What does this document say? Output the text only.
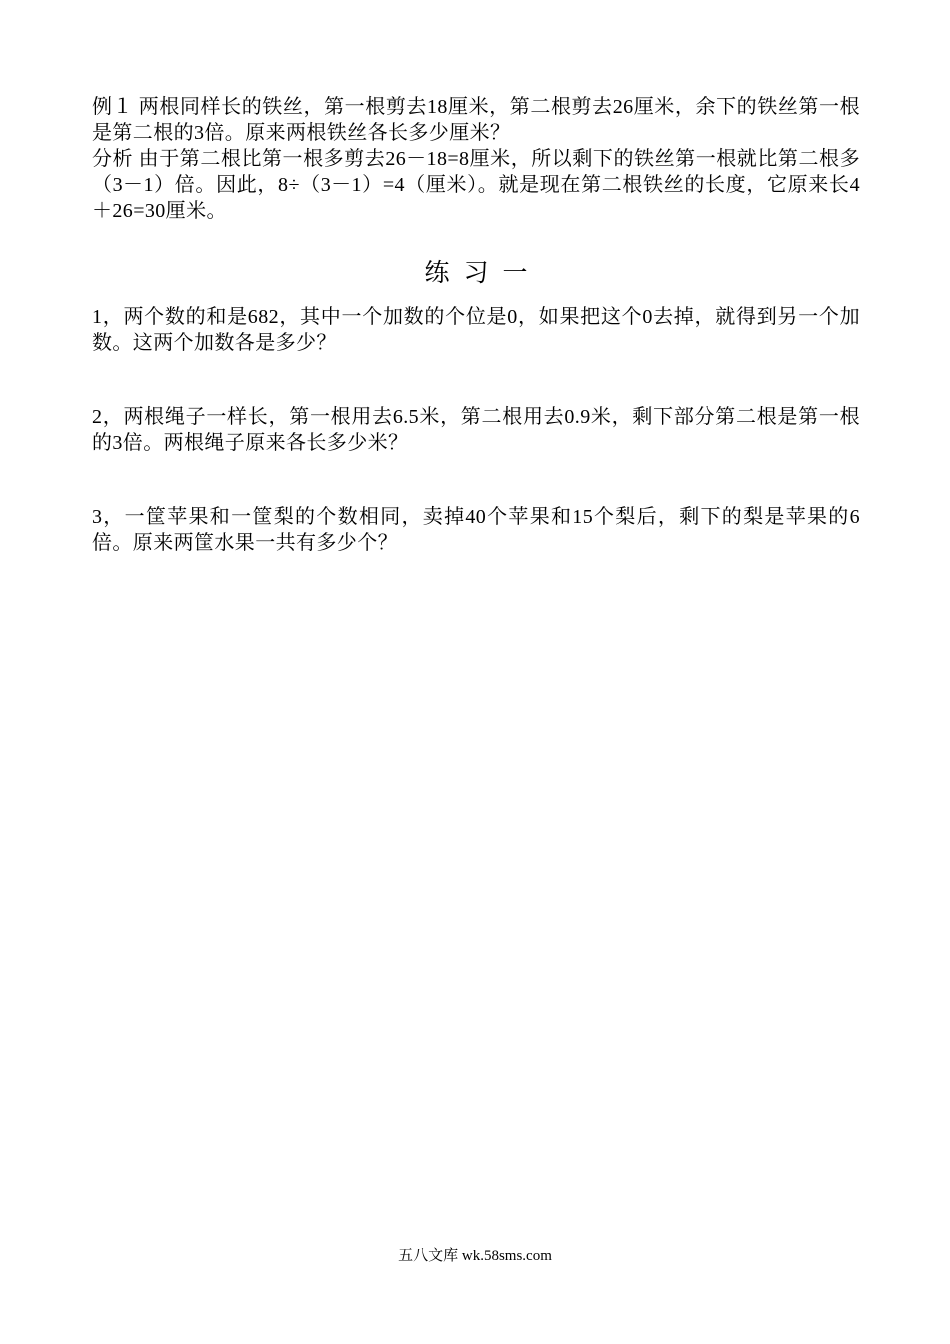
例１ 两根同样长的铁丝，第一根剪去18厘米，第二根剪去26厘米，余下的铁丝第一根是第二根的3倍。原来两根铁丝各长多少厘米？

分析 由于第二根比第一根多剪去26－18=8厘米，所以剩下的铁丝第一根就比第二根多（3－1）倍。因此，8÷（3－1）=4（厘米）。就是现在第二根铁丝的长度，它原来长4＋26=30厘米。

练习一

1，两个数的和是682，其中一个加数的个位是0，如果把这个0去掉，就得到另一个加数。这两个加数各是多少？

2，两根绳子一样长，第一根用去6.5米，第二根用去0.9米，剩下部分第二根是第一根的3倍。两根绳子原来各长多少米？

3，一筐苹果和一筐梨的个数相同，卖掉40个苹果和15个梨后，剩下的梨是苹果的6倍。原来两筐水果一共有多少个？

五八文库 wk.58sms.com
